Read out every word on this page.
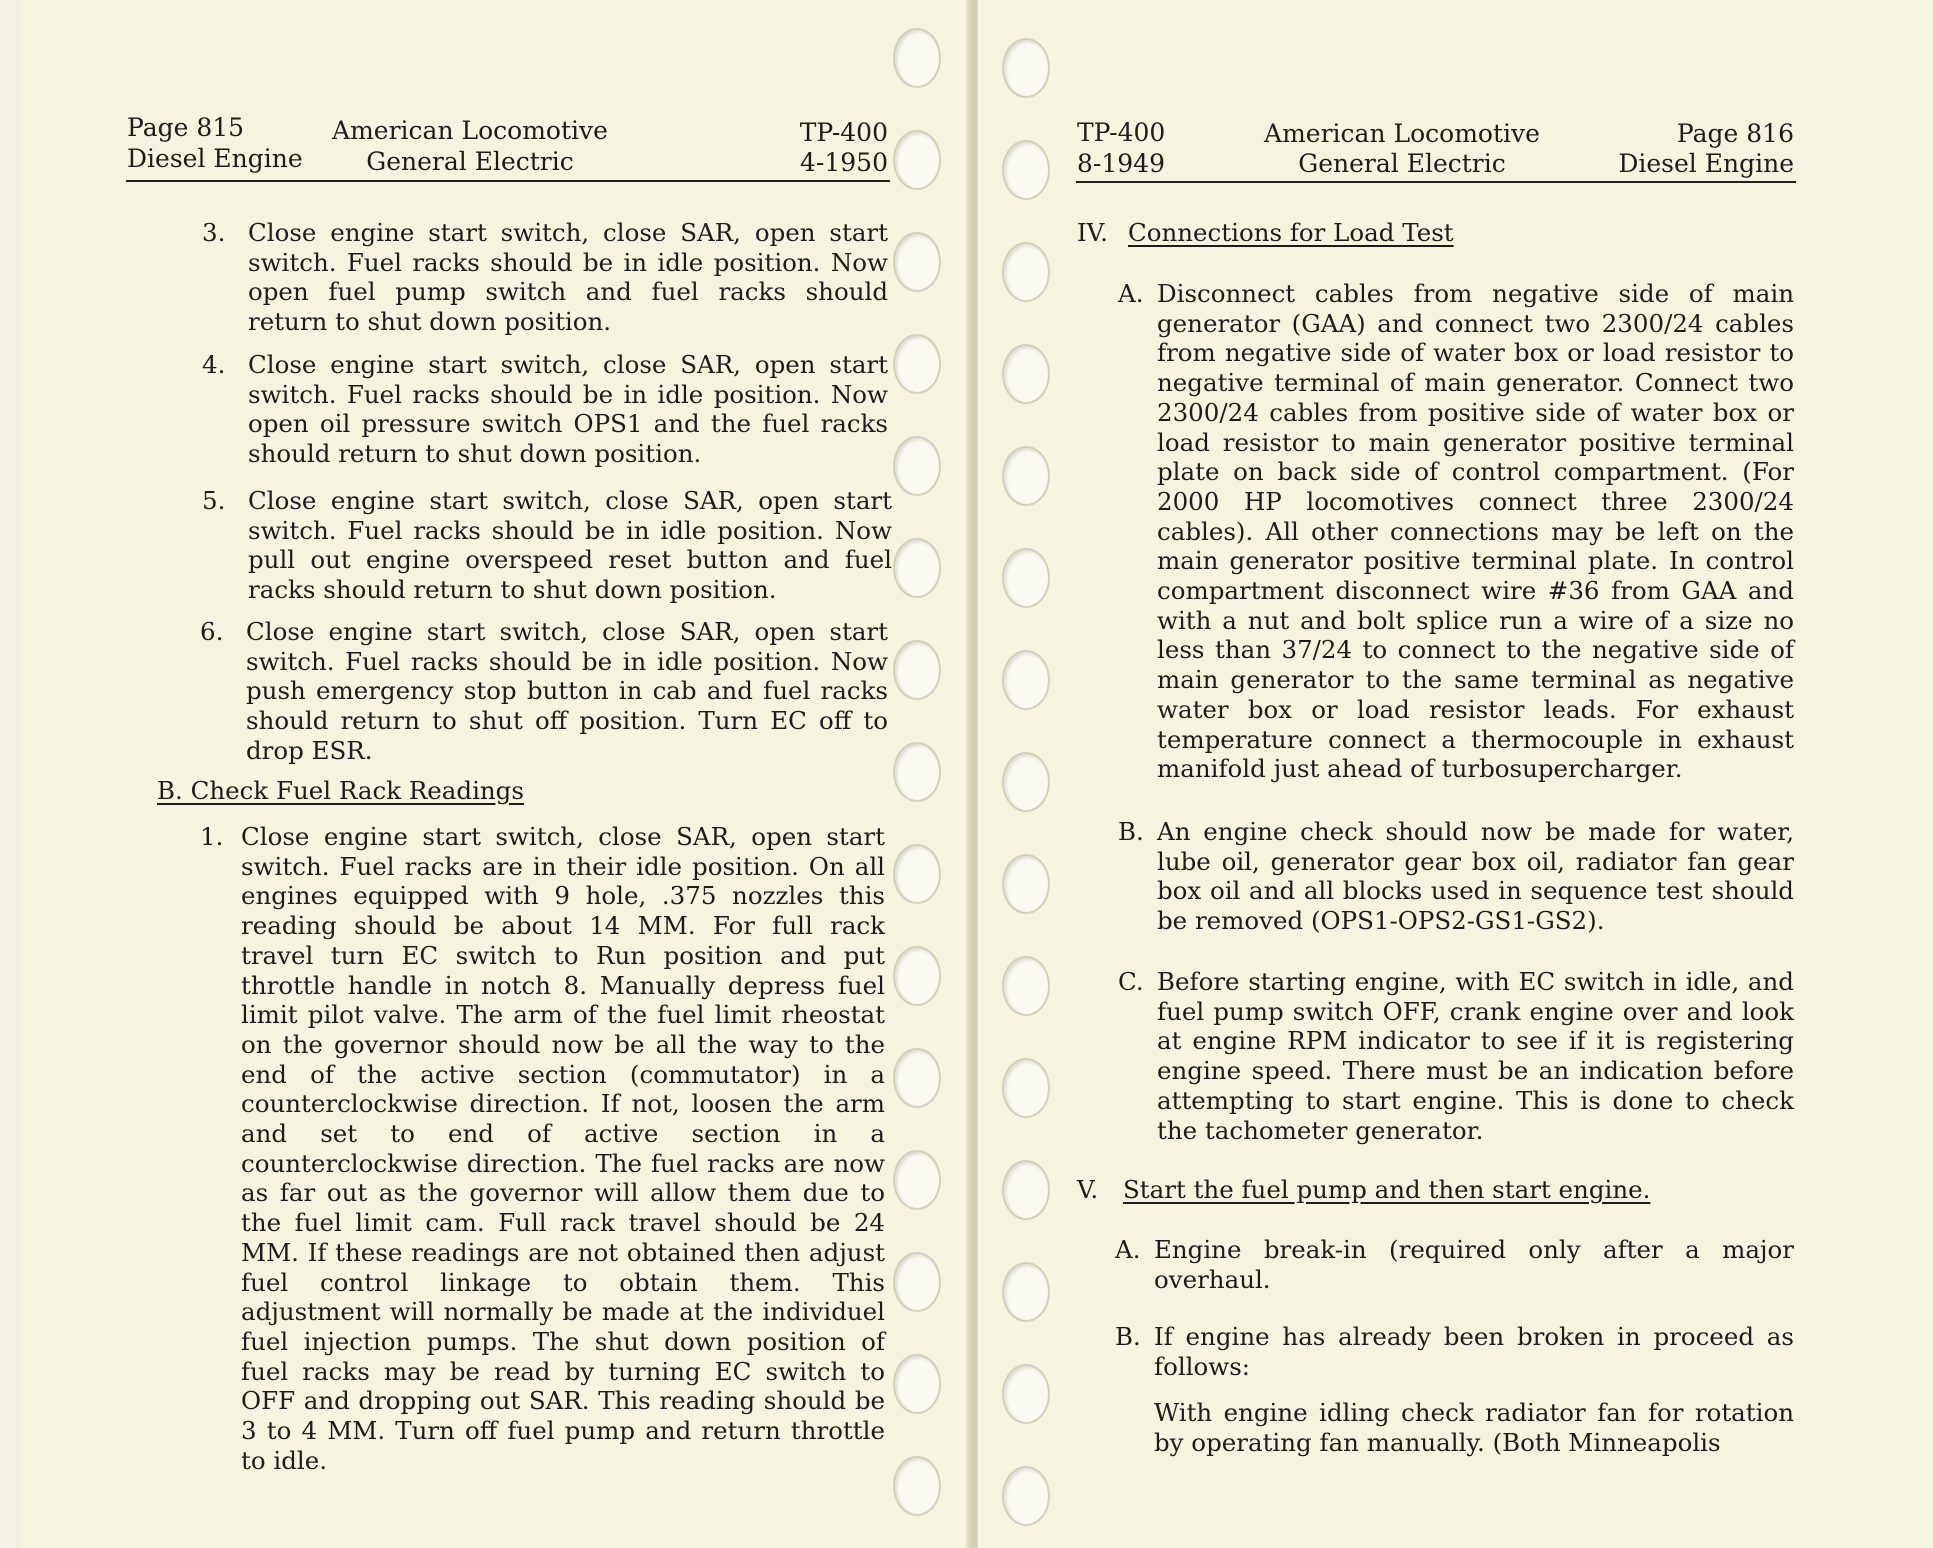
Page 815
Diesel Engine
American Locomotive
General Electric
TP-400
4-1950
3. Close engine start switch, close SAR, open start switch. Fuel racks should be in idle position. Now open fuel pump switch and fuel racks should return to shut down position.
4. Close engine start switch, close SAR, open start switch. Fuel racks should be in idle position. Now open oil pressure switch OPS1 and the fuel racks should return to shut down position.
5. Close engine start switch, close SAR, open start switch. Fuel racks should be in idle position. Now pull out engine overspeed reset button and fuel racks should return to shut down position.
6. Close engine start switch, close SAR, open start switch. Fuel racks should be in idle position. Now push emergency stop button in cab and fuel racks should return to shut off position. Turn EC off to drop ESR.
B. Check Fuel Rack Readings
1. Close engine start switch, close SAR, open start switch. Fuel racks are in their idle position. On all engines equipped with 9 hole, .375 nozzles this reading should be about 14 MM. For full rack travel turn EC switch to Run position and put throttle handle in notch 8. Manually depress fuel limit pilot valve. The arm of the fuel limit rheostat on the governor should now be all the way to the end of the active section (commutator) in a counterclockwise direction. If not, loosen the arm and set to end of active section in a counterclockwise direction. The fuel racks are now as far out as the governor will allow them due to the fuel limit cam. Full rack travel should be 24 MM. If these readings are not obtained then adjust fuel control linkage to obtain them. This adjustment will normally be made at the individuel fuel injection pumps. The shut down position of fuel racks may be read by turning EC switch to OFF and dropping out SAR. This reading should be 3 to 4 MM. Turn off fuel pump and return throttle to idle.
TP-400
8-1949
American Locomotive
General Electric
Page 816
Diesel Engine
IV. Connections for Load Test
A. Disconnect cables from negative side of main generator (GAA) and connect two 2300/24 cables from negative side of water box or load resistor to negative terminal of main generator. Connect two 2300/24 cables from positive side of water box or load resistor to main generator positive terminal plate on back side of control compartment. (For 2000 HP locomotives connect three 2300/24 cables). All other connections may be left on the main generator positive terminal plate. In control compartment disconnect wire #36 from GAA and with a nut and bolt splice run a wire of a size no less than 37/24 to connect to the negative side of main generator to the same terminal as negative water box or load resistor leads. For exhaust temperature connect a thermocouple in exhaust manifold just ahead of turbosupercharger.
B. An engine check should now be made for water, lube oil, generator gear box oil, radiator fan gear box oil and all blocks used in sequence test should be removed (OPS1-OPS2-GS1-GS2).
C. Before starting engine, with EC switch in idle, and fuel pump switch OFF, crank engine over and look at engine RPM indicator to see if it is registering engine speed. There must be an indication before attempting to start engine. This is done to check the tachometer generator.
V. Start the fuel pump and then start engine.
A. Engine break-in (required only after a major overhaul.
B. If engine has already been broken in proceed as follows:
With engine idling check radiator fan for rotation by operating fan manually. (Both Minneapolis
